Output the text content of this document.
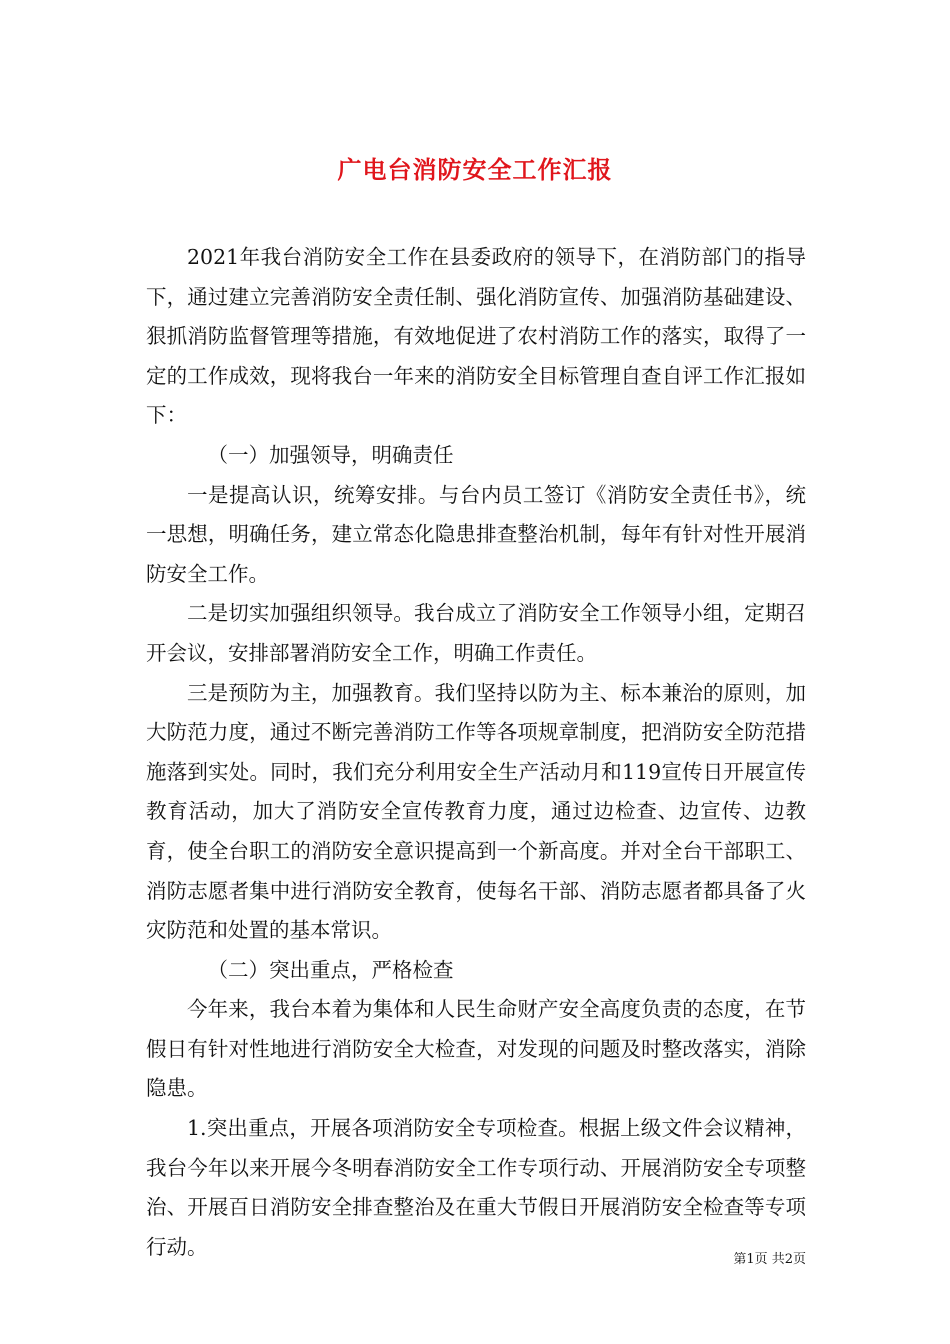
广电台消防安全工作汇报

2021年我台消防安全工作在县委政府的领导下，在消防部门的指导下，通过建立完善消防安全责任制、强化消防宣传、加强消防基础建设、狠抓消防监督管理等措施，有效地促进了农村消防工作的落实，取得了一定的工作成效，现将我台一年来的消防安全目标管理自查自评工作汇报如下：

（一）加强领导，明确责任

一是提高认识，统筹安排。与台内员工签订《消防安全责任书》，统一思想，明确任务，建立常态化隐患排查整治机制，每年有针对性开展消防安全工作。

二是切实加强组织领导。我台成立了消防安全工作领导小组，定期召开会议，安排部署消防安全工作，明确工作责任。

三是预防为主，加强教育。我们坚持以防为主、标本兼治的原则，加大防范力度，通过不断完善消防工作等各项规章制度，把消防安全防范措施落到实处。同时，我们充分利用安全生产活动月和119宣传日开展宣传教育活动，加大了消防安全宣传教育力度，通过边检查、边宣传、边教育，使全台职工的消防安全意识提高到一个新高度。并对全台干部职工、消防志愿者集中进行消防安全教育，使每名干部、消防志愿者都具备了火灾防范和处置的基本常识。

（二）突出重点，严格检查

今年来，我台本着为集体和人民生命财产安全高度负责的态度，在节假日有针对性地进行消防安全大检查，对发现的问题及时整改落实，消除隐患。

1.突出重点，开展各项消防安全专项检查。根据上级文件会议精神，我台今年以来开展今冬明春消防安全工作专项行动、开展消防安全专项整治、开展百日消防安全排查整治及在重大节假日开展消防安全检查等专项行动。

第1页 共2页
